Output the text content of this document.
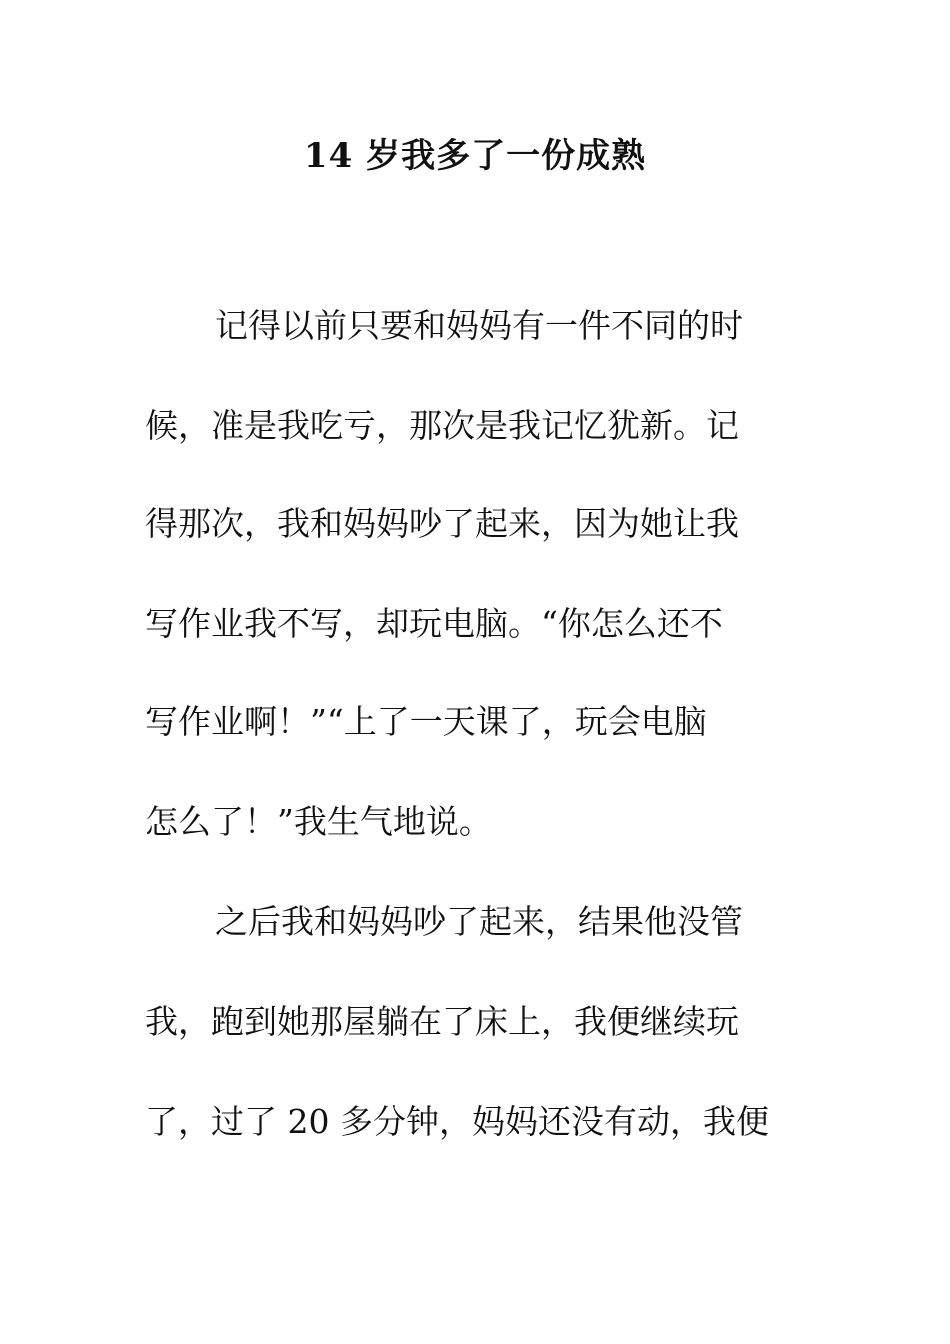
14 岁我多了一份成熟
记得以前只要和妈妈有一件不同的时
候，准是我吃亏，那次是我记忆犹新。记
得那次，我和妈妈吵了起来，因为她让我
写作业我不写，却玩电脑。“你怎么还不
写作业啊！”“上了一天课了，玩会电脑
怎么了！”我生气地说。
之后我和妈妈吵了起来，结果他没管
我，跑到她那屋躺在了床上，我便继续玩
了，过了 20 多分钟，妈妈还没有动，我便
